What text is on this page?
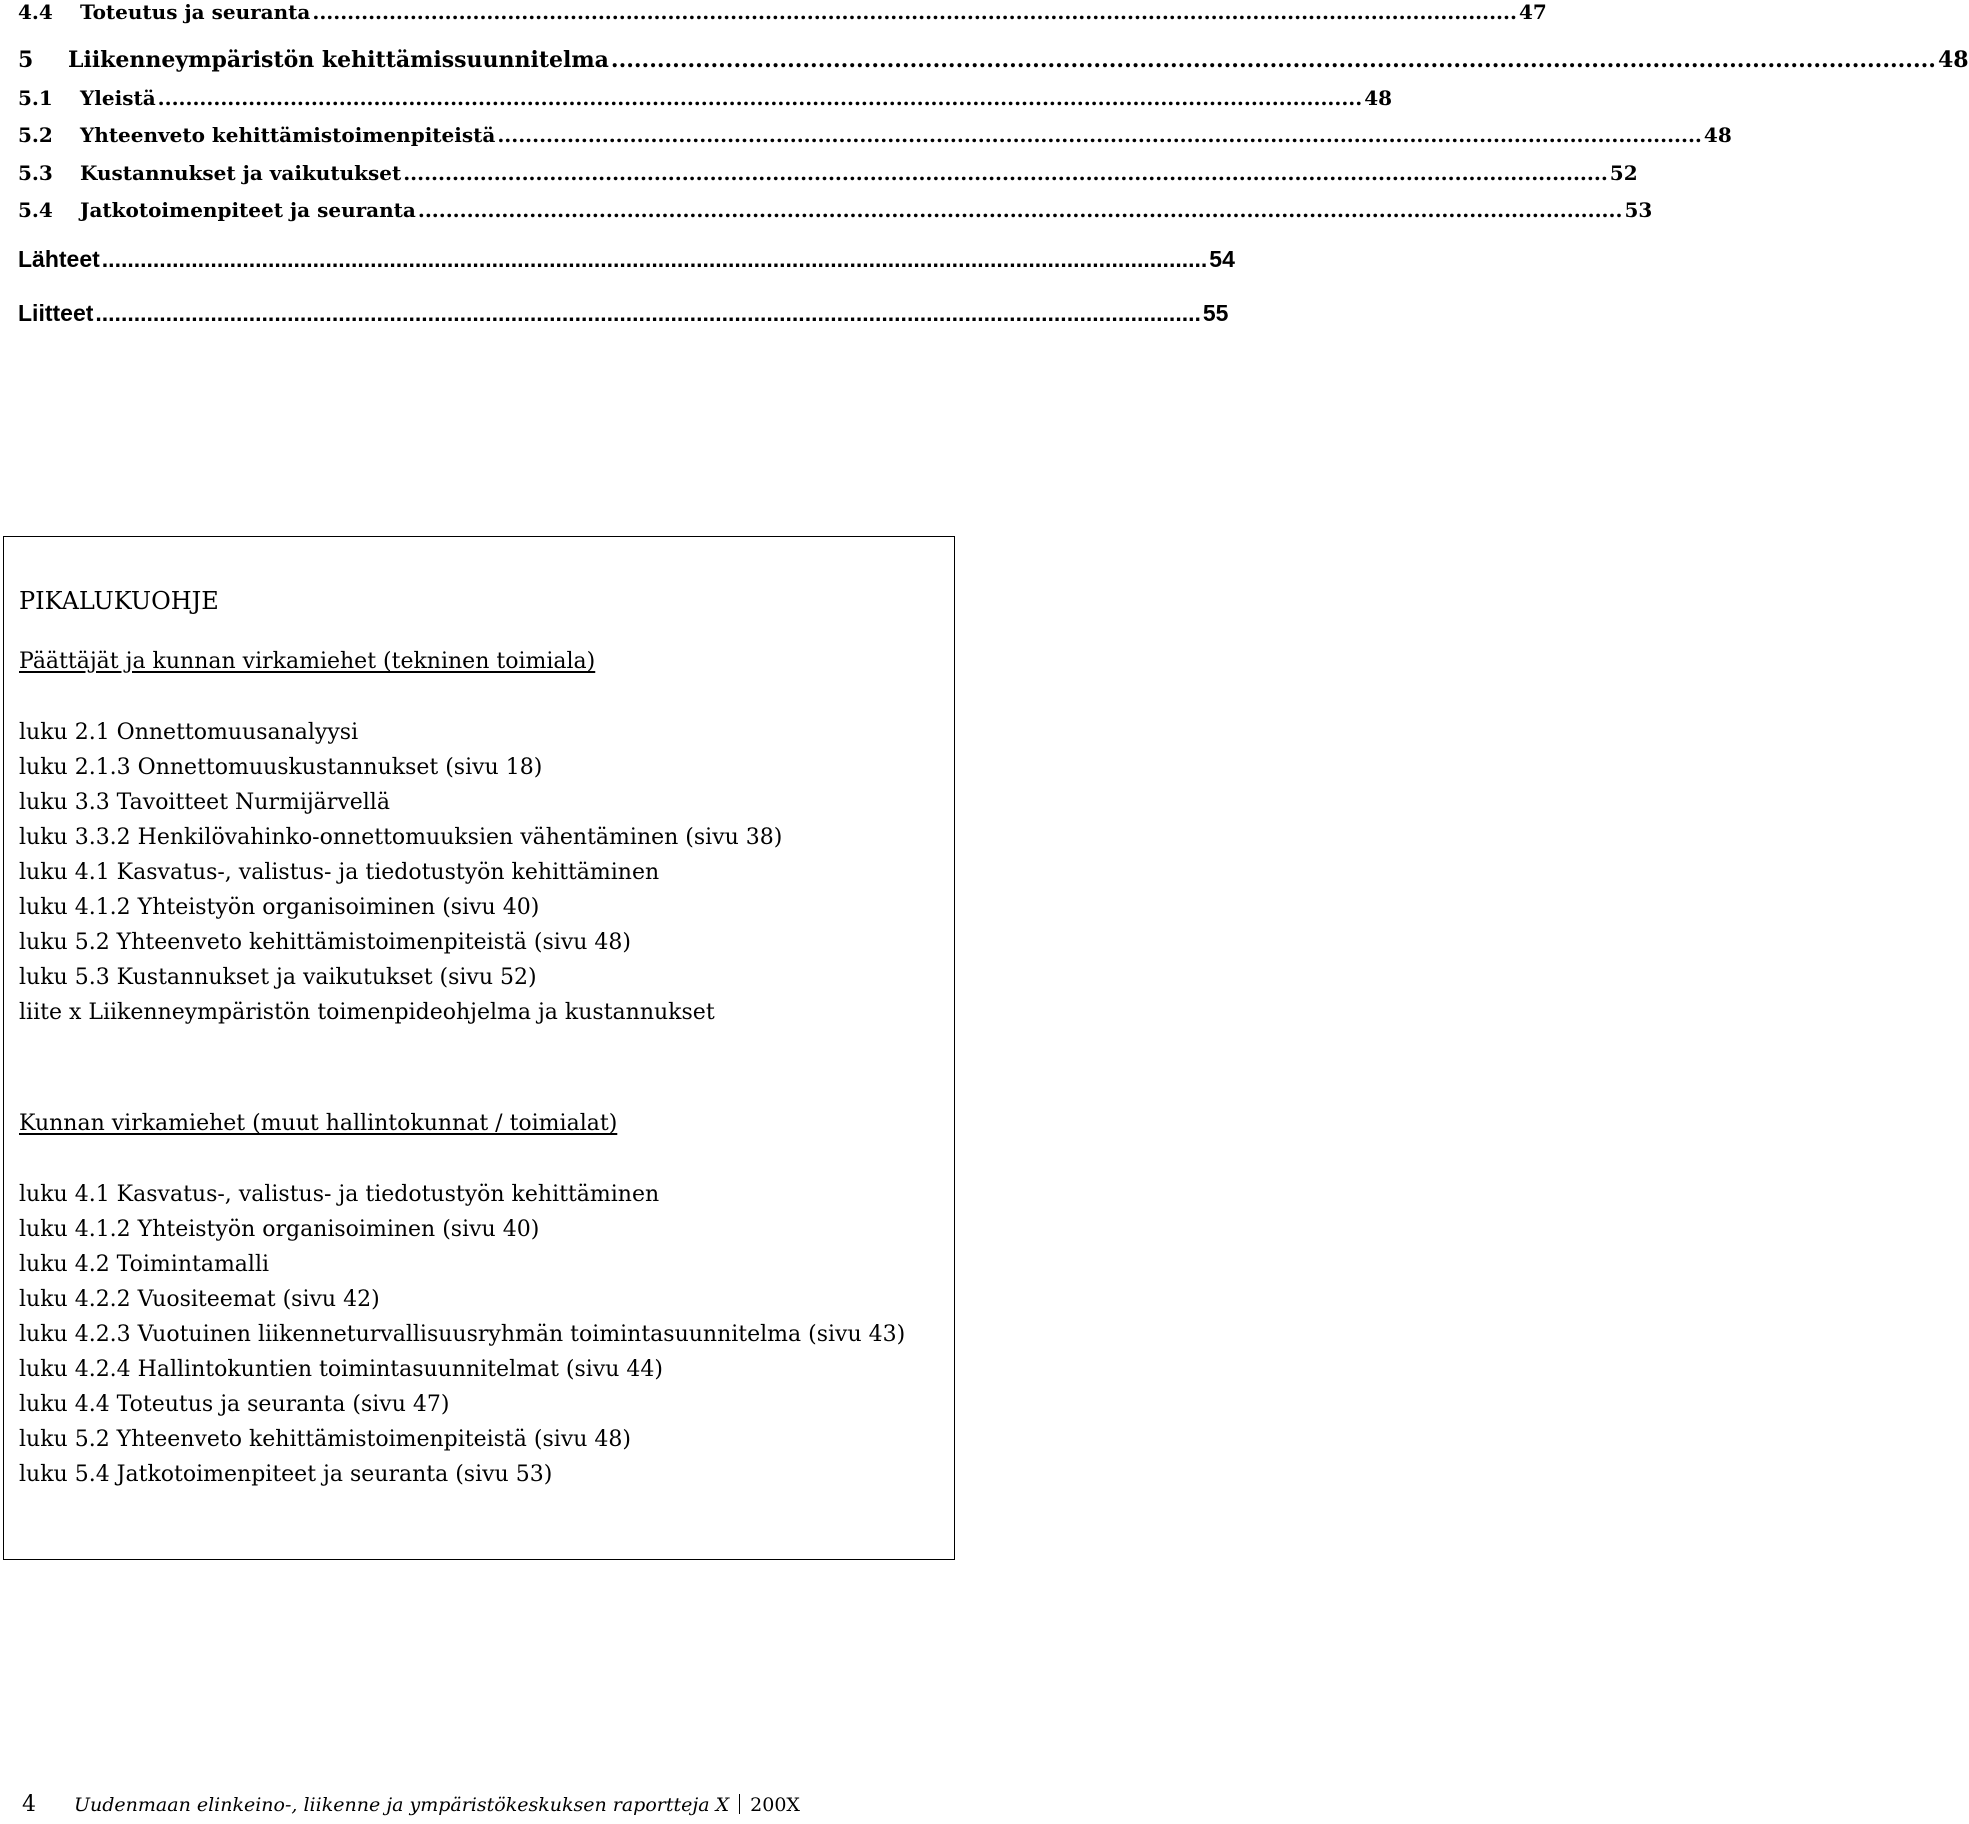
4.4	Toteutus ja seuranta ............................................................................................................................................................................. 47
5	Liikenneympäristön kehittämissuunnitelma ............................................................................................................................................................................. 48
5.1	Yleistä ............................................................................................................................................................................. 48
5.2	Yhteenveto kehittämistoimenpiteistä ............................................................................................................................................................................. 48
5.3	Kustannukset ja vaikutukset ............................................................................................................................................................................. 52
5.4	Jatkotoimenpiteet ja seuranta ............................................................................................................................................................................. 53
Lähteet ............................................................................................................................................................................. 54
Liitteet ............................................................................................................................................................................. 55
PIKALUKUOHJE
Päättäjät ja kunnan virkamiehet (tekninen toimiala)
luku 2.1 Onnettomuusanalyysi
luku 2.1.3 Onnettomuuskustannukset (sivu 18)
luku 3.3 Tavoitteet Nurmijärvellä
luku 3.3.2 Henkilövahinko-onnettomuuksien vähentäminen (sivu 38)
luku 4.1 Kasvatus-, valistus- ja tiedotustyön kehittäminen
luku 4.1.2 Yhteistyön organisoiminen (sivu 40)
luku 5.2 Yhteenveto kehittämistoimenpiteistä (sivu 48)
luku 5.3 Kustannukset ja vaikutukset (sivu 52)
liite x Liikenneympäristön toimenpideohjelma ja kustannukset
Kunnan virkamiehet (muut hallintokunnat / toimialat)
luku 4.1 Kasvatus-, valistus- ja tiedotustyön kehittäminen
luku 4.1.2 Yhteistyön organisoiminen (sivu 40)
luku 4.2 Toimintamalli
luku 4.2.2 Vuositeemat (sivu 42)
luku 4.2.3 Vuotuinen liikenneturvallisuusryhmän toimintasuunnitelma (sivu 43)
luku 4.2.4 Hallintokuntien toimintasuunnitelmat (sivu 44)
luku 4.4 Toteutus ja seuranta (sivu 47)
luku 5.2 Yhteenveto kehittämistoimenpiteistä (sivu 48)
luku 5.4 Jatkotoimenpiteet ja seuranta (sivu 53)
4 Uudenmaan elinkeino-, liikenne ja ympäristökeskuksen raportteja X 200X
